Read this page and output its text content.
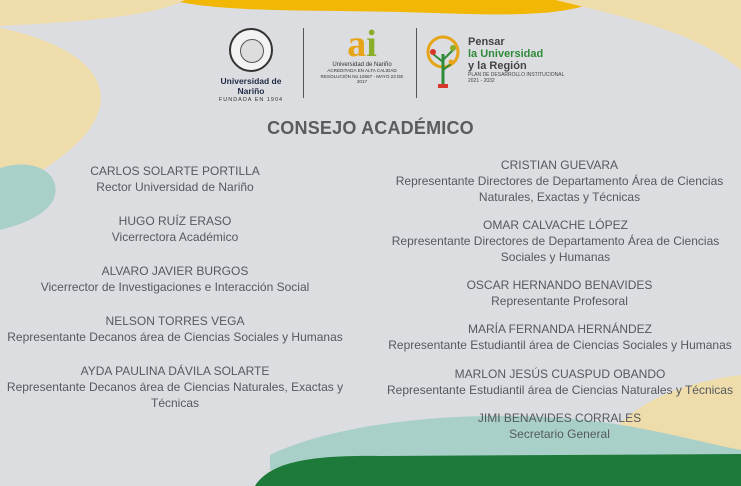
Universidad de Nariño
FUNDADA EN 1904
ai
Universidad de Nariño
ACREDITADA EN ALTA CALIDAD
RESOLUCIÓN No.10567 - MAYO 23 DE 2017
Pensar
la Universidad
y la Región
PLAN DE DESARROLLO INSTITUCIONAL
2021 - 2032
CONSEJO ACADÉMICO
CARLOS SOLARTE PORTILLA
Rector Universidad de Nariño
HUGO RUÍZ ERASO
Vicerrectora Académico
ALVARO JAVIER BURGOS
Vicerrector de Investigaciones e Interacción Social
NELSON TORRES VEGA
Representante Decanos área de Ciencias Sociales y Humanas
AYDA PAULINA DÁVILA SOLARTE
Representante Decanos área de Ciencias Naturales, Exactas y Técnicas
CRISTIAN GUEVARA
Representante Directores de Departamento Área de Ciencias Naturales, Exactas y Técnicas
OMAR CALVACHE LÓPEZ
Representante Directores de Departamento Área de Ciencias Sociales y Humanas
OSCAR HERNANDO BENAVIDES
Representante Profesoral
MARÍA FERNANDA HERNÁNDEZ
Representante Estudiantil área de Ciencias Sociales y Humanas
MARLON JESÚS CUASPUD OBANDO
Representante Estudiantil área de Ciencias Naturales y Técnicas
JIMI BENAVIDES CORRALES
Secretario General
